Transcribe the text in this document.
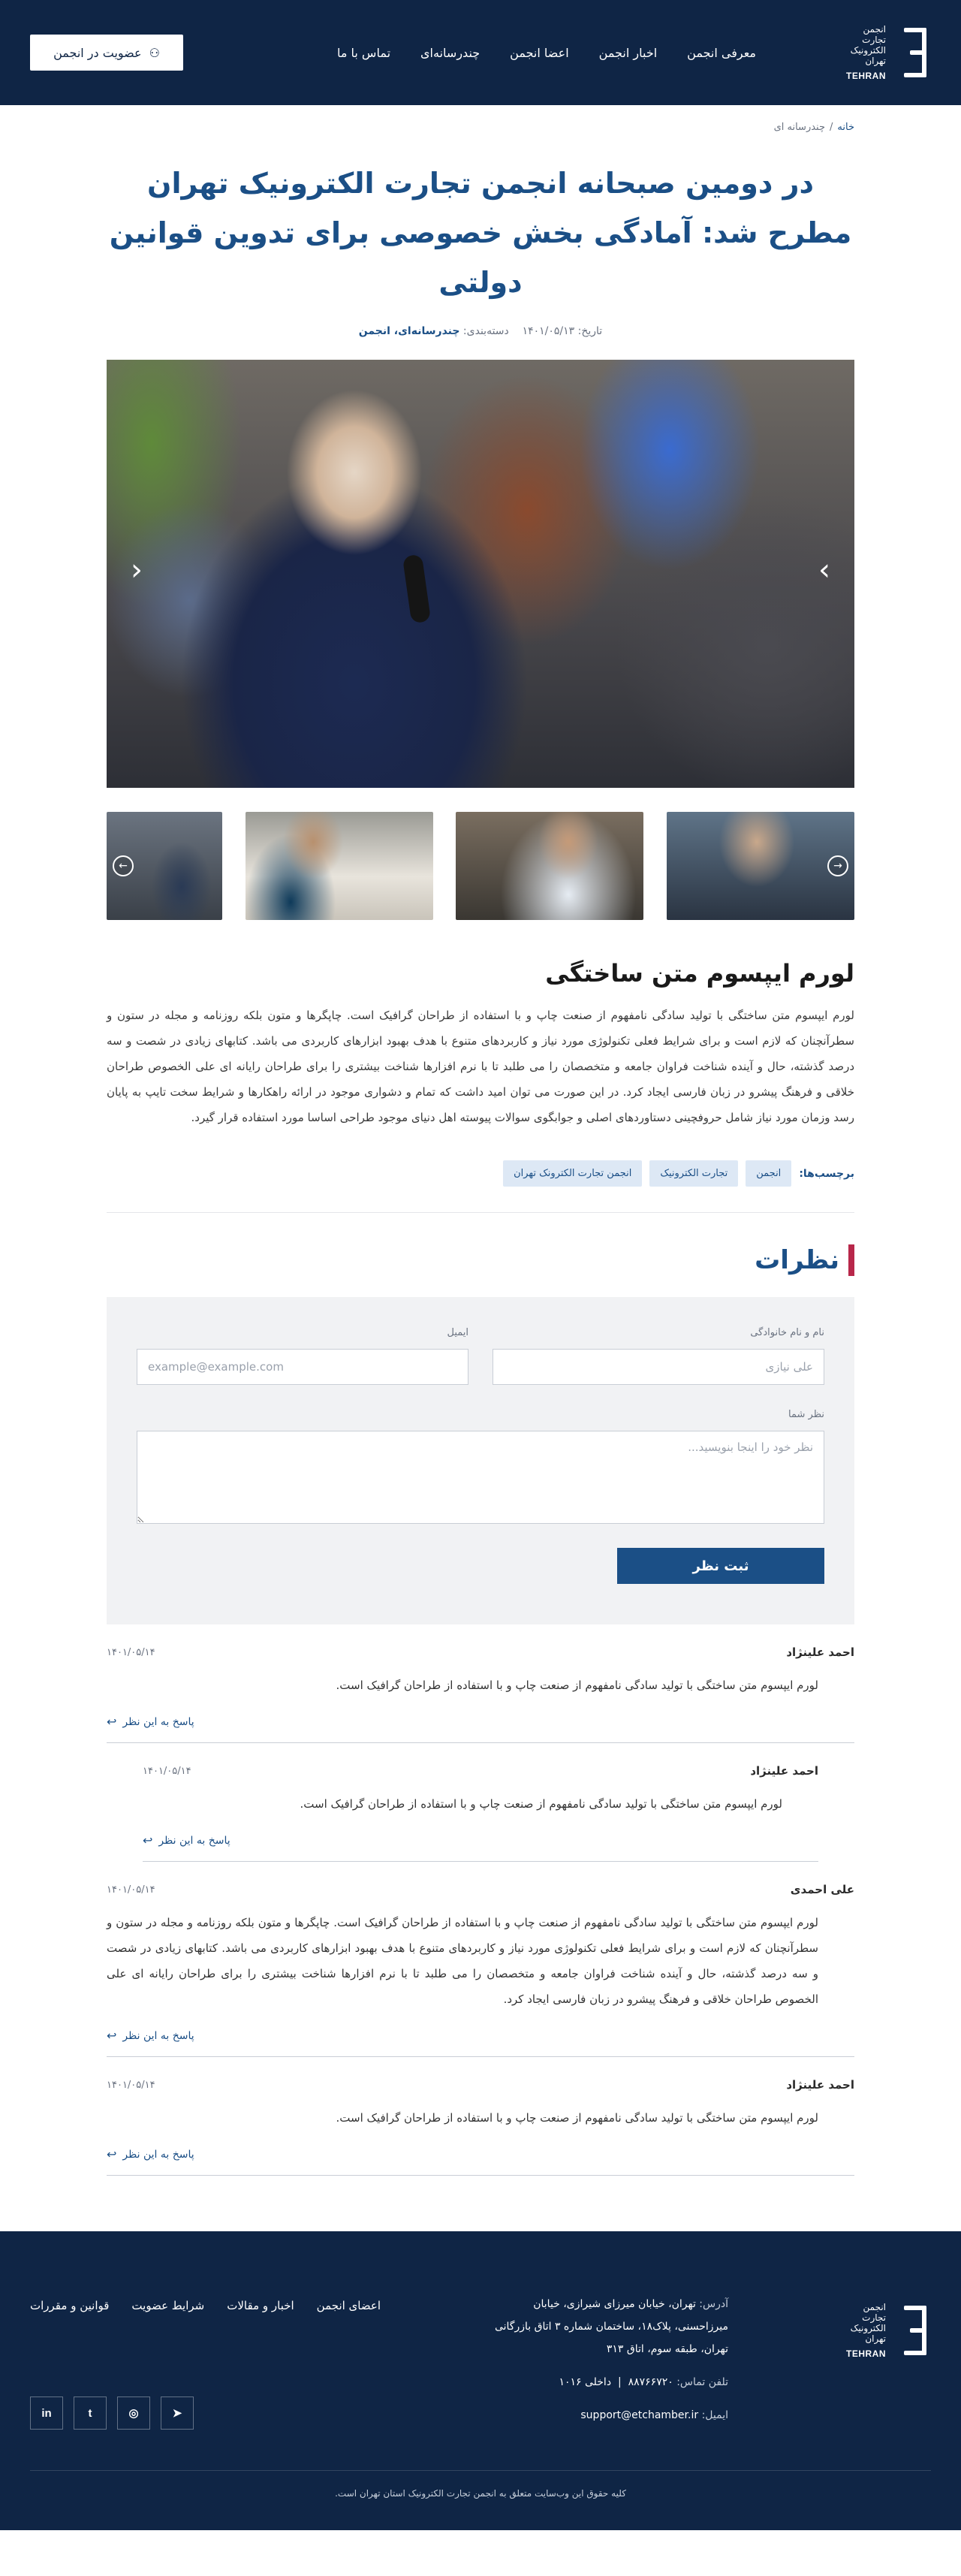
انجمن
تجارت
الکترونیک
تهران
TEHRAN
معرفی انجمن
اخبار انجمن
اعضا انجمن
چندرسانه‌ای
تماس با ما
⚇
عضویت در انجمن
خانه/چندرسانه ای
در دومین صبحانه انجمن تجارت الکترونیک تهران مطرح شد: آمادگی بخش خصوصی برای تدوین قوانین دولتی
تاریخ: ۱۴۰۱/۰۵/۱۳    دسته‌بندی: چندرسانه‌ای، انجمن
›
‹
→
←
لورم ایپسوم متن ساختگی

لورم ایپسوم متن ساختگی با تولید سادگی نامفهوم از صنعت چاپ و با استفاده از طراحان گرافیک است. چاپگرها و متون بلکه روزنامه و مجله در ستون و سطرآنچنان که لازم است و برای شرایط فعلی تکنولوژی مورد نیاز و کاربردهای متنوع با هدف بهبود ابزارهای کاربردی می باشد. کتابهای زیادی در شصت و سه درصد گذشته، حال و آینده شناخت فراوان جامعه و متخصصان را می طلبد تا با نرم افزارها شناخت بیشتری را برای طراحان رایانه ای علی الخصوص طراحان خلاقی و فرهنگ پیشرو در زبان فارسی ایجاد کرد. در این صورت می توان امید داشت که تمام و دشواری موجود در ارائه راهکارها و شرایط سخت تایپ به پایان رسد وزمان مورد نیاز شامل حروفچینی دستاوردهای اصلی و جوابگوی سوالات پیوسته اهل دنیای موجود طراحی اساسا مورد استفاده قرار گیرد.

برچسب‌ها:
انجمن
تجارت الکترونیک
انجمن تجارت الکترونک تهران
نظرات
نام و نام خانوادگی
علی نیازی
ایمیل
example@example.com
نظر شما
نظر خود را اینجا بنویسید...
ثبت نظر
احمد علینژاد
۱۴۰۱/۰۵/۱۴

لورم ایپسوم متن ساختگی با تولید سادگی نامفهوم از صنعت چاپ و با استفاده از طراحان گرافیک است.

پاسخ به این نظر
↩
احمد علینژاد
۱۴۰۱/۰۵/۱۴

لورم ایپسوم متن ساختگی با تولید سادگی نامفهوم از صنعت چاپ و با استفاده از طراحان گرافیک است.

پاسخ به این نظر
↩
علی احمدی
۱۴۰۱/۰۵/۱۴

لورم ایپسوم متن ساختگی با تولید سادگی نامفهوم از صنعت چاپ و با استفاده از طراحان گرافیک است. چاپگرها و متون بلکه روزنامه و مجله در ستون و سطرآنچنان که لازم است و برای شرایط فعلی تکنولوژی مورد نیاز و کاربردهای متنوع با هدف بهبود ابزارهای کاربردی می باشد. کتابهای زیادی در شصت و سه درصد گذشته، حال و آینده شناخت فراوان جامعه و متخصصان را می طلبد تا با نرم افزارها شناخت بیشتری را برای طراحان رایانه ای علی الخصوص طراحان خلاقی و فرهنگ پیشرو در زبان فارسی ایجاد کرد.

پاسخ به این نظر
↩
احمد علینژاد
۱۴۰۱/۰۵/۱۴

لورم ایپسوم متن ساختگی با تولید سادگی نامفهوم از صنعت چاپ و با استفاده از طراحان گرافیک است.

پاسخ به این نظر
↩
انجمن
تجارت
الکترونیک
تهران
TEHRAN
آدرس: تهران، خیابان میرزای شیرازی، خیابان میرزاحسنی، پلاک۱۸، ساختمان شماره ۳ اتاق بازرگانی تهران، طبقه سوم، اتاق ۳۱۳
تلفن تماس: ۸۸۷۶۶۷۲۰  |  داخلی ۱۰۱۶
ایمیل: support@etchamber.ir
اعضای انجمن
اخبار و مقالات
شرایط عضویت
قوانین و مقررات
➤
◎
t
in
کلیه حقوق این وب‌سایت متعلق به انجمن تجارت الکترونیک استان تهران است.
